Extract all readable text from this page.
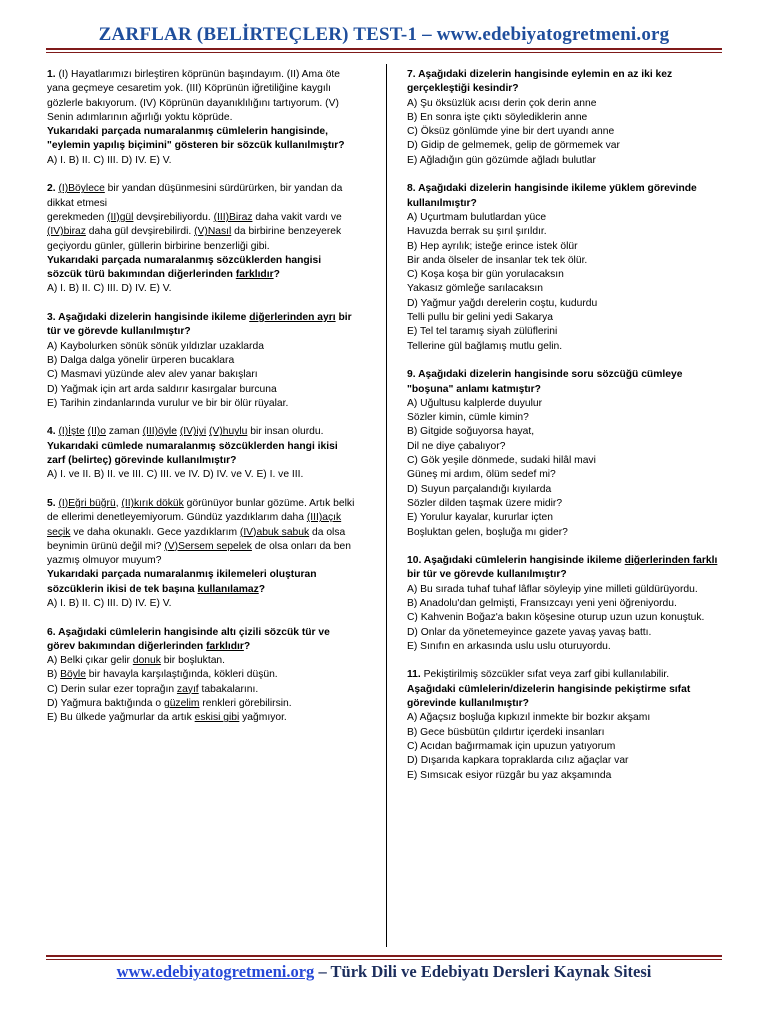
ZARFLAR (BELİRTEÇLER) TEST-1 – www.edebiyatogretmeni.org

1. (I) Hayatlarımızı birleştiren köprünün başındayım. (II) Ama öte yana geçmeye cesaretim yok. (III) Köprünün iğretiliğine kaygılı gözlerle bakıyorum. (IV) Köprünün dayanıklılığını tartıyorum. (V) Senin adımlarının ağırlığı yoktu köprüde.

Yukarıdaki parçada numaralanmış cümlelerin hangisinde, "eylemin yapılış biçimini" gösteren bir sözcük kullanılmıştır?

A) I. B) II. C) III. D) IV. E) V.

2. (I)Böylece bir yandan düşünmesini sürdürürken, bir yandan da dikkat etmesi

gerekmeden (II)gül devşirebiliyordu. (III)Biraz daha vakit vardı ve (IV)biraz daha gül devşirebilirdi. (V)Nasıl da birbirine benzeyerek geçiyordu günler, güllerin birbirine benzerliği gibi.

Yukarıdaki parçada numaralanmış sözcüklerden hangisi sözcük türü bakımından diğerlerinden farklıdır?

A) I. B) II. C) III. D) IV. E) V.

3. Aşağıdaki dizelerin hangisinde ikileme diğerlerinden ayrı bir tür ve görevde kullanılmıştır?

A) Kaybolurken sönük sönük yıldızlar uzaklarda

B) Dalga dalga yönelir ürperen bucaklara

C) Masmavi yüzünde alev alev yanar bakışları

D) Yağmak için art arda saldırır kasırgalar burcuna

E) Tarihin zindanlarında vurulur ve bir bir ölür rüyalar.

4. (I)İşte (II)o zaman (III)öyle (IV)iyi (V)huylu bir insan olurdu.

Yukarıdaki cümlede numaralanmış sözcüklerden hangi ikisi zarf (belirteç) görevinde kullanılmıştır?

A) I. ve II. B) II. ve III. C) III. ve IV. D) IV. ve V. E) I. ve III.

5. (I)Eğri büğrü, (II)kırık dökük görünüyor bunlar gözüme. Artık belki de ellerimi denetleyemiyorum. Gündüz yazdıklarım daha (III)açık seçik ve daha okunaklı. Gece yazdıklarım (IV)abuk sabuk da olsa beynimin ürünü değil mi? (V)Sersem sepelek de olsa onları da ben yazmış olmuyor muyum?

Yukarıdaki parçada numaralanmış ikilemeleri oluşturan sözcüklerin ikisi de tek başına kullanılamaz?

A) I. B) II. C) III. D) IV. E) V.

6. Aşağıdaki cümlelerin hangisinde altı çizili sözcük tür ve görev bakımından diğerlerinden farklıdır?

A) Belki çıkar gelir donuk bir boşluktan.

B) Böyle bir havayla karşılaştığında, kökleri düşün.

C) Derin sular ezer toprağın zayıf tabakalarını.

D) Yağmura baktığında o güzelim renkleri görebilirsin.

E) Bu ülkede yağmurlar da artık eskisi gibi yağmıyor.

7. Aşağıdaki dizelerin hangisinde eylemin en az iki kez gerçekleştiği kesindir?

A) Şu öksüzlük acısı derin çok derin anne

B) En sonra işte çıktı söylediklerin anne

C) Öksüz gönlümde yine bir dert uyandı anne

D) Gidip de gelmemek, gelip de görmemek var

E) Ağladığın gün gözümde ağladı bulutlar

8. Aşağıdaki dizelerin hangisinde ikileme yüklem görevinde kullanılmıştır?

A) Uçurtmam bulutlardan yüce

Havuzda berrak su şırıl şırıldır.

B) Hep ayrılık; isteğe erince istek ölür

Bir anda ölseler de insanlar tek tek ölür.

C) Koşa koşa bir gün yorulacaksın

Yakasız gömleğe sarılacaksın

D) Yağmur yağdı derelerin coştu, kudurdu

Telli pullu bir gelini yedi Sakarya

E) Tel tel taramış siyah zülüflerini

Tellerine gül bağlamış mutlu gelin.

9. Aşağıdaki dizelerin hangisinde soru sözcüğü cümleye "boşuna" anlamı katmıştır?

A) Uğultusu kalplerde duyulur

Sözler kimin, cümle kimin?

B) Gitgide soğuyorsa hayat,

Dil ne diye çabalıyor?

C) Gök yeşile dönmede, sudaki hilâl mavi

Güneş mi ardım, ölüm sedef mi?

D) Suyun parçalandığı kıyılarda

Sözler dilden taşmak üzere midir?

E) Yorulur kayalar, kururlar içten

Boşluktan gelen, boşluğa mı gider?

10. Aşağıdaki cümlelerin hangisinde ikileme diğerlerinden farklı bir tür ve görevde kullanılmıştır?

A) Bu sırada tuhaf tuhaf lâflar söyleyip yine milleti güldürüyordu.

B) Anadolu'dan gelmişti, Fransızcayı yeni yeni öğreniyordu.

C) Kahvenin Boğaz'a bakın köşesine oturup uzun uzun konuştuk.

D) Onlar da yönetemeyince gazete yavaş yavaş battı.

E) Sınıfın en arkasında uslu uslu oturuyordu.

11. Pekiştirilmiş sözcükler sıfat veya zarf gibi kullanılabilir.

Aşağıdaki cümlelerin/dizelerin hangisinde pekiştirme sıfat görevinde kullanılmıştır?

A) Ağaçsız boşluğa kıpkızıl inmekte bir bozkır akşamı

B) Gece büsbütün çıldırtır içerdeki insanları

C) Acıdan bağırmamak için upuzun yatıyorum

D) Dışarıda kapkara topraklarda cılız ağaçlar var

E) Sımsıcak esiyor rüzgâr bu yaz akşamında

www.edebiyatogretmeni.org – Türk Dili ve Edebiyatı Dersleri Kaynak Sitesi
